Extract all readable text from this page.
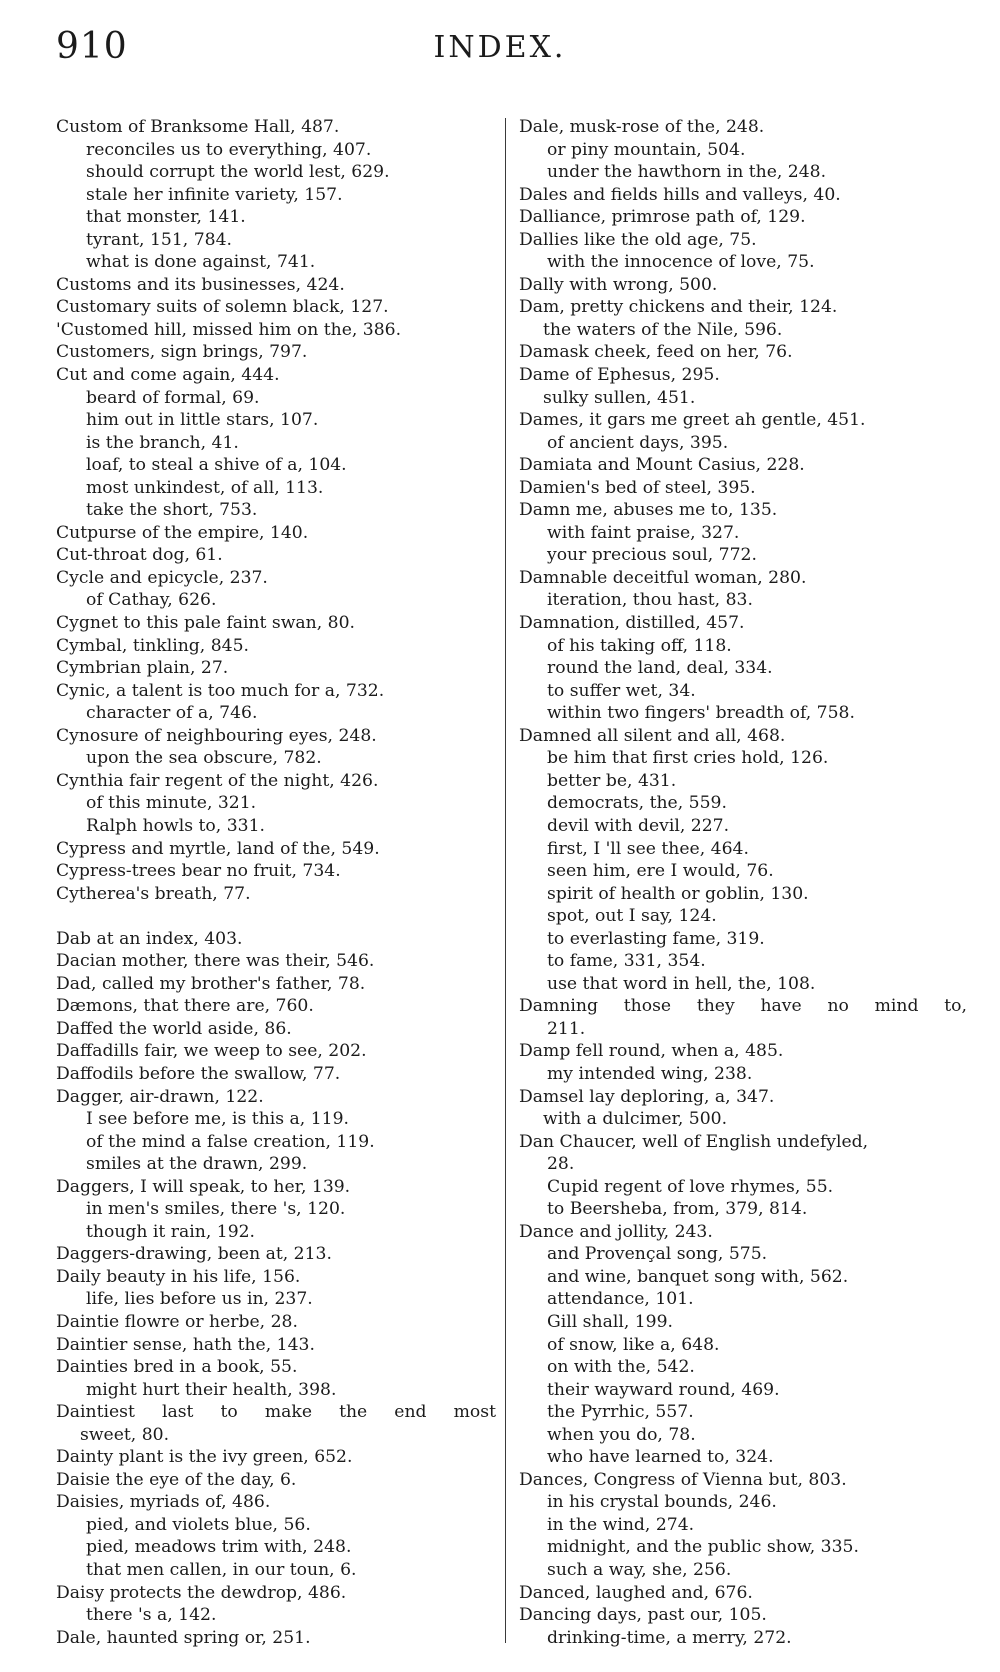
910	INDEX.
Custom of Branksome Hall, 487.
reconciles us to everything, 407.
should corrupt the world lest, 629.
stale her infinite variety, 157.
that monster, 141.
tyrant, 151, 784.
what is done against, 741.
Customs and its businesses, 424.
Customary suits of solemn black, 127.
'Customed hill, missed him on the, 386.
Customers, sign brings, 797.
Cut and come again, 444.
beard of formal, 69.
him out in little stars, 107.
is the branch, 41.
loaf, to steal a shive of a, 104.
most unkindest, of all, 113.
take the short, 753.
Cutpurse of the empire, 140.
Cut-throat dog, 61.
Cycle and epicycle, 237.
of Cathay, 626.
Cygnet to this pale faint swan, 80.
Cymbal, tinkling, 845.
Cymbrian plain, 27.
Cynic, a talent is too much for a, 732.
character of a, 746.
Cynosure of neighbouring eyes, 248.
upon the sea obscure, 782.
Cynthia fair regent of the night, 426.
of this minute, 321.
Ralph howls to, 331.
Cypress and myrtle, land of the, 549.
Cypress-trees bear no fruit, 734.
Cytherea's breath, 77.
Dab at an index, 403.
Dacian mother, there was their, 546.
Dad, called my brother's father, 78.
Dæmons, that there are, 760.
Daffed the world aside, 86.
Daffadills fair, we weep to see, 202.
Daffodils before the swallow, 77.
Dagger, air-drawn, 122.
I see before me, is this a, 119.
of the mind a false creation, 119.
smiles at the drawn, 299.
Daggers, I will speak, to her, 139.
in men's smiles, there 's, 120.
though it rain, 192.
Daggers-drawing, been at, 213.
Daily beauty in his life, 156.
life, lies before us in, 237.
Daintie flowre or herbe, 28.
Daintier sense, hath the, 143.
Dainties bred in a book, 55.
might hurt their health, 398.
Daintiest last to make the end most
sweet, 80.
Dainty plant is the ivy green, 652.
Daisie the eye of the day, 6.
Daisies, myriads of, 486.
pied, and violets blue, 56.
pied, meadows trim with, 248.
that men callen, in our toun, 6.
Daisy protects the dewdrop, 486.
there 's a, 142.
Dale, haunted spring or, 251.
Dale, musk-rose of the, 248.
or piny mountain, 504.
under the hawthorn in the, 248.
Dales and fields hills and valleys, 40.
Dalliance, primrose path of, 129.
Dallies like the old age, 75.
with the innocence of love, 75.
Dally with wrong, 500.
Dam, pretty chickens and their, 124.
the waters of the Nile, 596.
Damask cheek, feed on her, 76.
Dame of Ephesus, 295.
sulky sullen, 451.
Dames, it gars me greet ah gentle, 451.
of ancient days, 395.
Damiata and Mount Casius, 228.
Damien's bed of steel, 395.
Damn me, abuses me to, 135.
with faint praise, 327.
your precious soul, 772.
Damnable deceitful woman, 280.
iteration, thou hast, 83.
Damnation, distilled, 457.
of his taking off, 118.
round the land, deal, 334.
to suffer wet, 34.
within two fingers' breadth of, 758.
Damned all silent and all, 468.
be him that first cries hold, 126.
better be, 431.
democrats, the, 559.
devil with devil, 227.
first, I 'll see thee, 464.
seen him, ere I would, 76.
spirit of health or goblin, 130.
spot, out I say, 124.
to everlasting fame, 319.
to fame, 331, 354.
use that word in hell, the, 108.
Damning those they have no mind to,
211.
Damp fell round, when a, 485.
my intended wing, 238.
Damsel lay deploring, a, 347.
with a dulcimer, 500.
Dan Chaucer, well of English undefyled,
28.
Cupid regent of love rhymes, 55.
to Beersheba, from, 379, 814.
Dance and jollity, 243.
and Provençal song, 575.
and wine, banquet song with, 562.
attendance, 101.
Gill shall, 199.
of snow, like a, 648.
on with the, 542.
their wayward round, 469.
the Pyrrhic, 557.
when you do, 78.
who have learned to, 324.
Dances, Congress of Vienna but, 803.
in his crystal bounds, 246.
in the wind, 274.
midnight, and the public show, 335.
such a way, she, 256.
Danced, laughed and, 676.
Dancing days, past our, 105.
drinking-time, a merry, 272.
